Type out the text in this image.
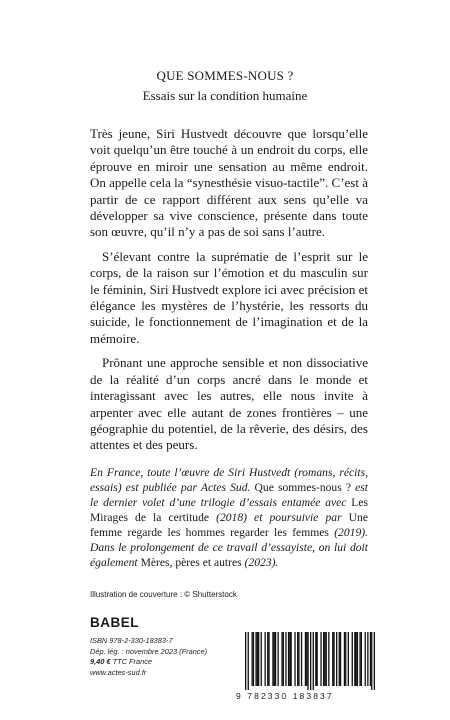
QUE SOMMES-NOUS ?
Essais sur la condition humaine

Très jeune, Siri Hustvedt découvre que lorsqu’elle voit quelqu’un être touché à un endroit du corps, elle éprouve en miroir une sensation au même endroit. On appelle cela la “synesthésie visuo-tactile”. C’est à partir de ce rapport différent aux sens qu’elle va développer sa vive conscience, présente dans toute son œuvre, qu’il n’y a pas de soi sans l’autre.

S’élevant contre la suprématie de l’esprit sur le corps, de la raison sur l’émotion et du masculin sur le féminin, Siri Hustvedt explore ici avec précision et élégance les mystères de l’hystérie, les ressorts du suicide, le fonctionnement de l’imagination et de la mémoire.

Prônant une approche sensible et non dissociative de la réalité d’un corps ancré dans le monde et interagissant avec les autres, elle nous invite à arpenter avec elle autant de zones frontières – une géographie du potentiel, de la rêverie, des désirs, des attentes et des peurs.

En France, toute l’œuvre de Siri Hustvedt (romans, récits, essais) est publiée par Actes Sud. Que sommes-nous ? est le dernier volet d’une trilogie d’essais entamée avec Les Mirages de la certitude (2018) et poursuivie par Une femme regarde les hommes regarder les femmes (2019). Dans le prolongement de ce travail d’essayiste, on lui doit également Mères, pères et autres (2023).
Illustration de couverture : © Shutterstock
BABEL
ISBN 978-2-330-18383-7
Dép. lég. : novembre 2023 (France)
9,40 € TTC France
www.actes-sud.fr
9 782330 183837
